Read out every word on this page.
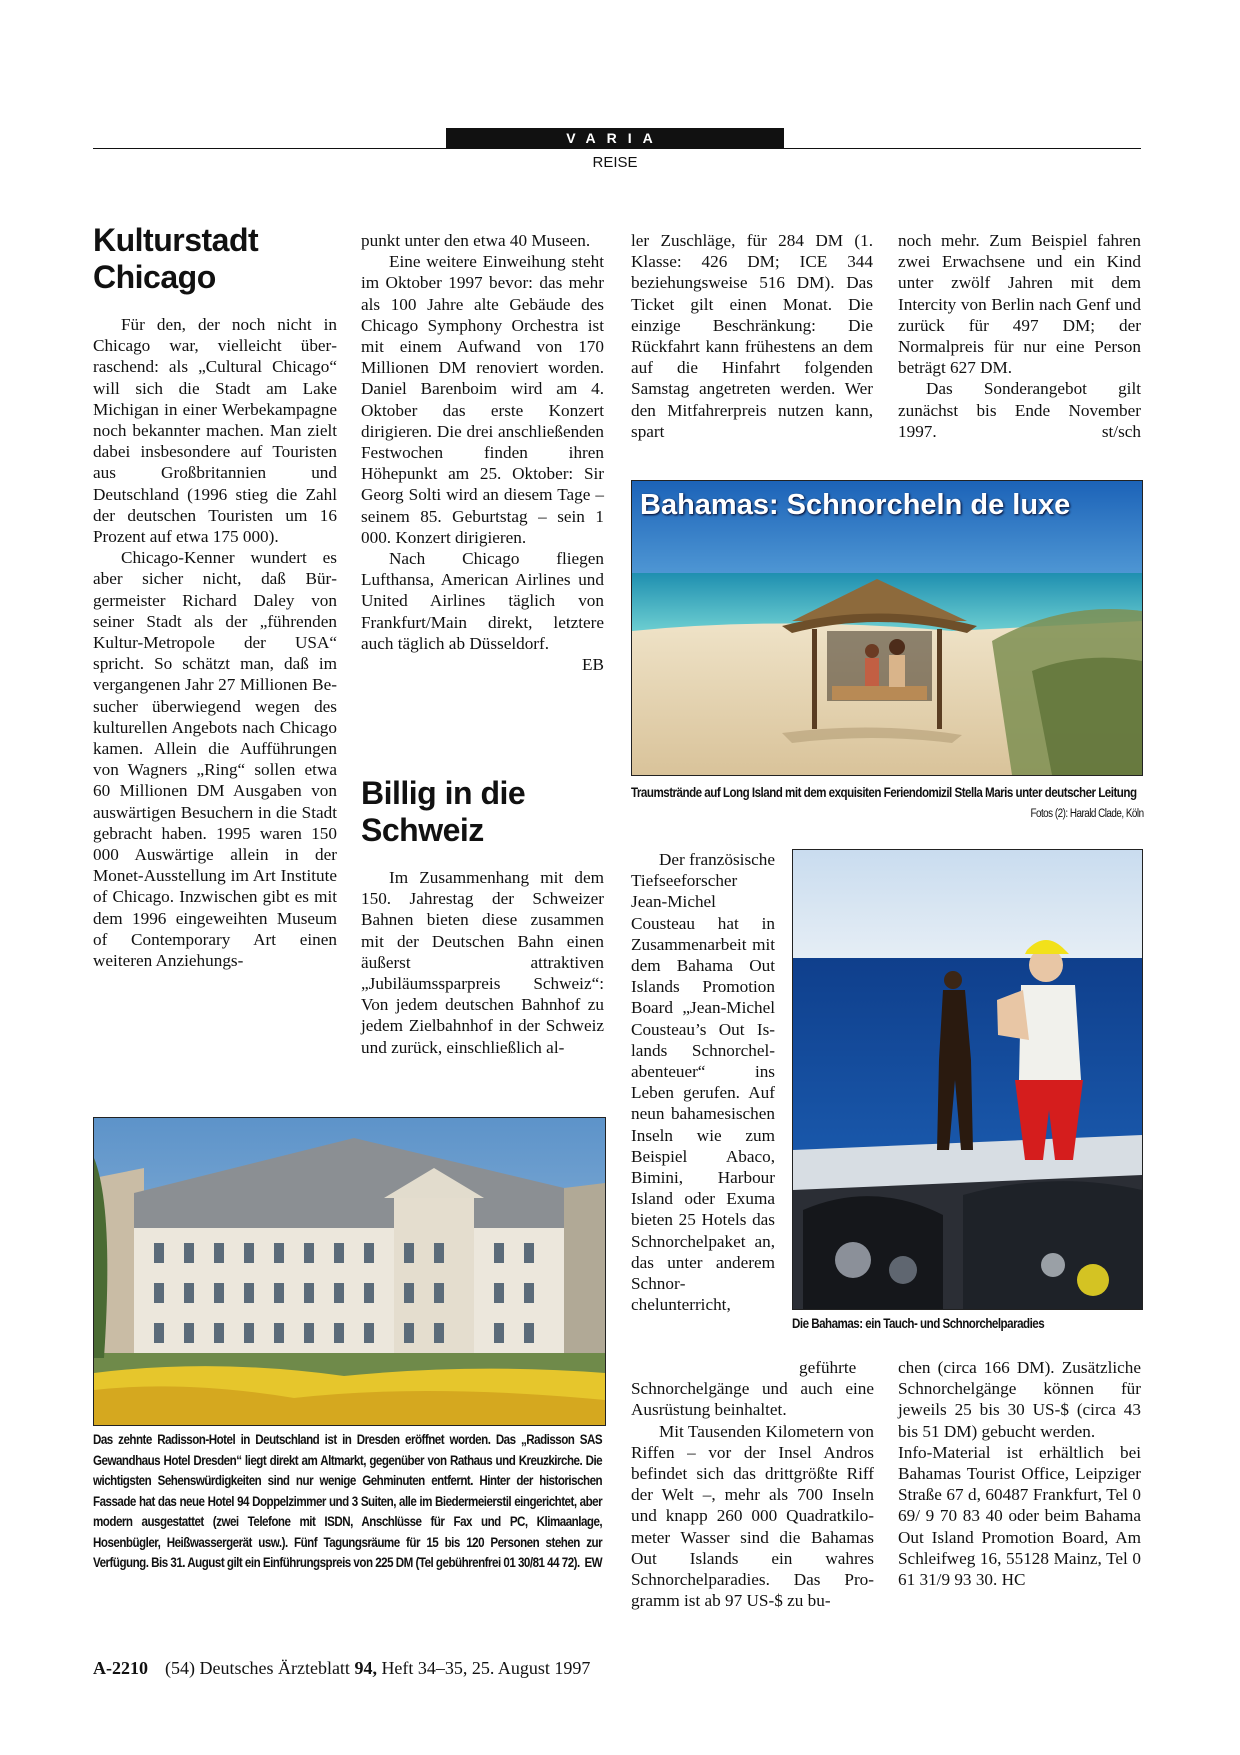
VARIA
REISE
Kulturstadt
Chicago

Für den, der noch nicht in Chicago war, vielleicht überraschend: als „Cultural Chicago“ will sich die Stadt am Lake Michigan in einer Werbekampagne noch bekannter machen. Man zielt dabei insbesondere auf Touristen aus Großbritannien und Deutschland (1996 stieg die Zahl der deutschen Touristen um 16 Prozent auf etwa 175 000).

Chicago-Kenner wundert es aber sicher nicht, daß Bürgermeister Richard Daley von seiner Stadt als der „führenden Kultur-Metropole der USA“ spricht. So schätzt man, daß im vergangenen Jahr 27 Millionen Besucher überwiegend wegen des kulturellen Angebots nach Chicago kamen. Allein die Aufführungen von Wagners „Ring“ sollen etwa 60 Millionen DM Ausgaben von auswärtigen Besuchern in die Stadt gebracht haben. 1995 waren 150 000 Auswärtige allein in der Monet-Ausstellung im Art Institute of Chicago. Inzwischen gibt es mit dem 1996 eingeweihten Museum of Contemporary Art einen weiteren Anziehungs-

punkt unter den etwa 40 Museen.

Eine weitere Einweihung steht im Oktober 1997 bevor: das mehr als 100 Jahre alte Gebäude des Chicago Symphony Orchestra ist mit einem Aufwand von 170 Millionen DM renoviert worden. Daniel Barenboim wird am 4. Oktober das erste Konzert dirigieren. Die drei anschließenden Festwochen finden ihren Höhepunkt am 25. Oktober: Sir Georg Solti wird an diesem Tage – seinem 85. Geburtstag – sein 1 000. Konzert dirigieren.

Nach Chicago fliegen Lufthansa, American Airlines und United Airlines täglich von Frankfurt/Main direkt, letztere auch täglich ab Düsseldorf.

EB

Billig in die
Schweiz

Im Zusammenhang mit dem 150. Jahrestag der Schweizer Bahnen bieten diese zusammen mit der Deutschen Bahn einen äußerst attraktiven „Jubiläumssparpreis Schweiz“: Von jedem deutschen Bahnhof zu jedem Zielbahnhof in der Schweiz und zurück, einschließlich al-

ler Zuschläge, für 284 DM (1. Klasse: 426 DM; ICE 344 beziehungsweise 516 DM). Das Ticket gilt einen Monat. Die einzige Beschränkung: Die Rückfahrt kann frühestens an dem auf die Hinfahrt folgenden Samstag angetreten werden. Wer den Mitfahrerpreis nutzen kann, spart

noch mehr. Zum Beispiel fahren zwei Erwachsene und ein Kind unter zwölf Jahren mit dem Intercity von Berlin nach Genf und zurück für 497 DM; der Normalpreis für nur eine Person beträgt 627 DM.

Das Sonderangebot gilt zunächst bis Ende November 1997.	st/sch

Bahamas: Schnorcheln de luxe
Traumstrände auf Long Island mit dem exquisiten Feriendomizil Stella Maris unter deutscher Leitung
Fotos (2): Harald Clade, Köln
Die Bahamas: ein Tauch- und Schnorchelparadies

Der französische Tiefseeforscher Jean-Michel Cousteau hat in Zusammenarbeit mit dem Bahama Out Islands Promotion Board „Jean-Michel Cousteau’s Out Islands Schnorchelabenteuer“ ins Leben gerufen. Auf neun bahamesischen Inseln wie zum Beispiel Abaco, Bimini, Harbour Island oder Exuma bieten 25 Hotels das Schnorchelpaket an, das unter anderem Schnorchelunterricht,

geführte Schnorchelgänge und auch eine Ausrüstung beinhaltet.

Mit Tausenden Kilometern von Riffen – vor der Insel Andros befindet sich das drittgrößte Riff der Welt –, mehr als 700 Inseln und knapp 260 000 Quadratkilometer Wasser sind die Bahamas Out Islands ein wahres Schnorchelparadies. Das Programm ist ab 97 US-$ zu bu-

chen (circa 166 DM). Zusätzliche Schnorchelgänge können für jeweils 25 bis 30 US-$ (circa 43 bis 51 DM) gebucht werden.

Info-Material ist erhältlich bei Bahamas Tourist Office, Leipziger Straße 67 d, 60487 Frankfurt, Tel 0 69/ 9 70 83 40 oder beim Bahama Out Island Promotion Board, Am Schleifweg 16, 55128 Mainz, Tel 0 61 31/9 93 30. HC
Das zehnte Radisson-Hotel in Deutschland ist in Dresden eröffnet worden. Das „Radisson SAS Gewandhaus Hotel Dresden“ liegt direkt am Altmarkt, gegenüber von Rathaus und Kreuzkirche. Die wichtigsten Sehenswürdigkeiten sind nur wenige Gehminuten entfernt. Hinter der historischen Fassade hat das neue Hotel 94 Doppelzimmer und 3 Suiten, alle im Biedermeierstil eingerichtet, aber modern ausgestattet (zwei Telefone mit ISDN, Anschlüsse für Fax und PC, Klimaanlage, Hosenbügler, Heißwassergerät usw.). Fünf Tagungsräume für 15 bis 120 Personen stehen zur Verfügung. Bis 31. August gilt ein Einführungspreis von 225 DM (Tel gebührenfrei 01 30/81 44 72). EW
A-2210 (54) Deutsches Ärzteblatt 94, Heft 34–35, 25. August 1997
